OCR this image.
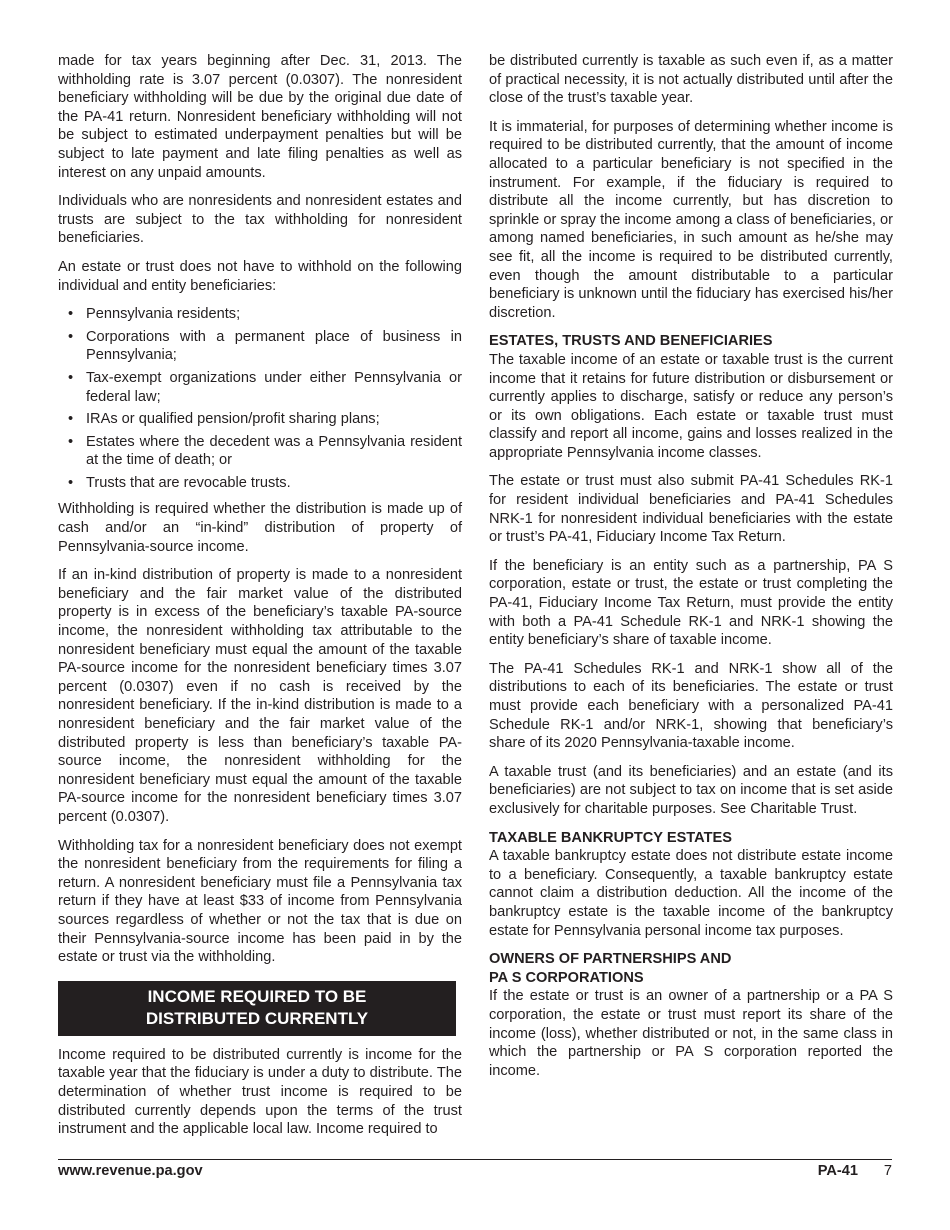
made for tax years beginning after Dec. 31, 2013. The withholding rate is 3.07 percent (0.0307). The nonresident beneficiary withholding will be due by the original due date of the PA-41 return. Nonresident beneficiary withholding will not be subject to estimated underpayment penalties but will be subject to late payment and late filing penalties as well as interest on any unpaid amounts.

Individuals who are nonresidents and nonresident estates and trusts are subject to the tax withholding for nonresident beneficiaries.

An estate or trust does not have to withhold on the following individual and entity beneficiaries:

• Pennsylvania residents;
• Corporations with a permanent place of business in Pennsylvania;
• Tax-exempt organizations under either Pennsylvania or federal law;
• IRAs or qualified pension/profit sharing plans;
• Estates where the decedent was a Pennsylvania resident at the time of death; or
• Trusts that are revocable trusts.

Withholding is required whether the distribution is made up of cash and/or an “in-kind” distribution of property of Pennsylvania-source income.

If an in-kind distribution of property is made to a nonresident beneficiary and the fair market value of the distributed property is in excess of the beneficiary’s taxable PA-source income, the nonresident withholding tax attributable to the nonresident beneficiary must equal the amount of the taxable PA-source income for the nonresident beneficiary times 3.07 percent (0.0307) even if no cash is received by the nonresident beneficiary. If the in-kind distribution is made to a nonresident beneficiary and the fair market value of the distributed property is less than beneficiary’s taxable PA-source income, the nonresident withholding for the nonresident beneficiary must equal the amount of the taxable PA-source income for the nonresident beneficiary times 3.07 percent (0.0307).

Withholding tax for a nonresident beneficiary does not exempt the nonresident beneficiary from the requirements for filing a return. A nonresident beneficiary must file a Pennsylvania tax return if they have at least $33 of income from Pennsylvania sources regardless of whether or not the tax that is due on their Pennsylvania-source income has been paid in by the estate or trust via the withholding.

INCOME REQUIRED TO BE
DISTRIBUTED CURRENTLY

Income required to be distributed currently is income for the taxable year that the fiduciary is under a duty to distribute. The determination of whether trust income is required to be distributed currently depends upon the terms of the trust instrument and the applicable local law. Income required to

be distributed currently is taxable as such even if, as a matter of practical necessity, it is not actually distributed until after the close of the trust’s taxable year.

It is immaterial, for purposes of determining whether income is required to be distributed currently, that the amount of income allocated to a particular beneficiary is not specified in the instrument. For example, if the fiduciary is required to distribute all the income currently, but has discretion to sprinkle or spray the income among a class of beneficiaries, or among named beneficiaries, in such amount as he/she may see fit, all the income is required to be distributed currently, even though the amount distributable to a particular beneficiary is unknown until the fiduciary has exercised his/her discretion.

ESTATES, TRUSTS AND BENEFICIARIES

The taxable income of an estate or taxable trust is the current income that it retains for future distribution or disbursement or currently applies to discharge, satisfy or reduce any person’s or its own obligations. Each estate or taxable trust must classify and report all income, gains and losses realized in the appropriate Pennsylvania income classes.

The estate or trust must also submit PA-41 Schedules RK-1 for resident individual beneficiaries and PA-41 Schedules NRK-1 for nonresident individual beneficiaries with the estate or trust’s PA-41, Fiduciary Income Tax Return.

If the beneficiary is an entity such as a partnership, PA S corporation, estate or trust, the estate or trust completing the PA-41, Fiduciary Income Tax Return, must provide the entity with both a PA-41 Schedule RK-1 and NRK-1 showing the entity beneficiary’s share of taxable income.

The PA-41 Schedules RK-1 and NRK-1 show all of the distributions to each of its beneficiaries. The estate or trust must provide each beneficiary with a personalized PA-41 Schedule RK-1 and/or NRK-1, showing that beneficiary’s share of its 2020 Pennsylvania-taxable income.

A taxable trust (and its beneficiaries) and an estate (and its beneficiaries) are not subject to tax on income that is set aside exclusively for charitable purposes. See Charitable Trust.

TAXABLE BANKRUPTCY ESTATES

A taxable bankruptcy estate does not distribute estate income to a beneficiary. Consequently, a taxable bankruptcy estate cannot claim a distribution deduction. All the income of the bankruptcy estate is the taxable income of the bankruptcy estate for Pennsylvania personal income tax purposes.

OWNERS OF PARTNERSHIPS AND
PA S CORPORATIONS

If the estate or trust is an owner of a partnership or a PA S corporation, the estate or trust must report its share of the income (loss), whether distributed or not, in the same class in which the partnership or PA S corporation reported the income.

www.revenue.pa.gov	PA-41 7
